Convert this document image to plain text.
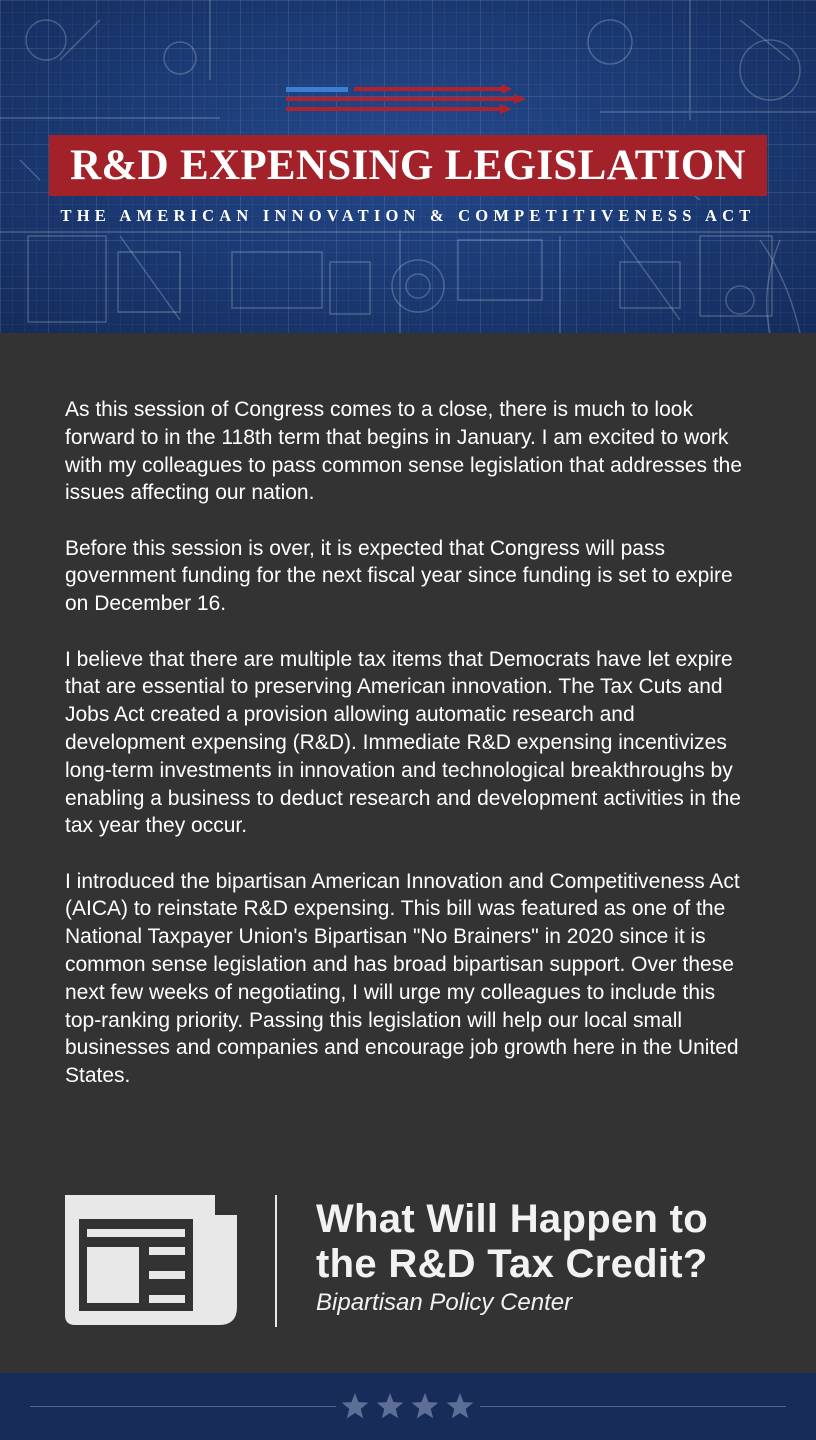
R&D EXPENSING LEGISLATION
THE AMERICAN INNOVATION & COMPETITIVENESS ACT

As this session of Congress comes to a close, there is much to look forward to in the 118th term that begins in January. I am excited to work with my colleagues to pass common sense legislation that addresses the issues affecting our nation.

Before this session is over, it is expected that Congress will pass government funding for the next fiscal year since funding is set to expire on December 16.

I believe that there are multiple tax items that Democrats have let expire that are essential to preserving American innovation. The Tax Cuts and Jobs Act created a provision allowing automatic research and development expensing (R&D). Immediate R&D expensing incentivizes long-term investments in innovation and technological breakthroughs by enabling a business to deduct research and development activities in the tax year they occur.

I introduced the bipartisan American Innovation and Competitiveness Act (AICA) to reinstate R&D expensing. This bill was featured as one of the National Taxpayer Union's Bipartisan "No Brainers" in 2020 since it is common sense legislation and has broad bipartisan support. Over these next few weeks of negotiating, I will urge my colleagues to include this top-ranking priority. Passing this legislation will help our local small businesses and companies and encourage job growth here in the United States.

What Will Happen to the R&D Tax Credit?
Bipartisan Policy Center
